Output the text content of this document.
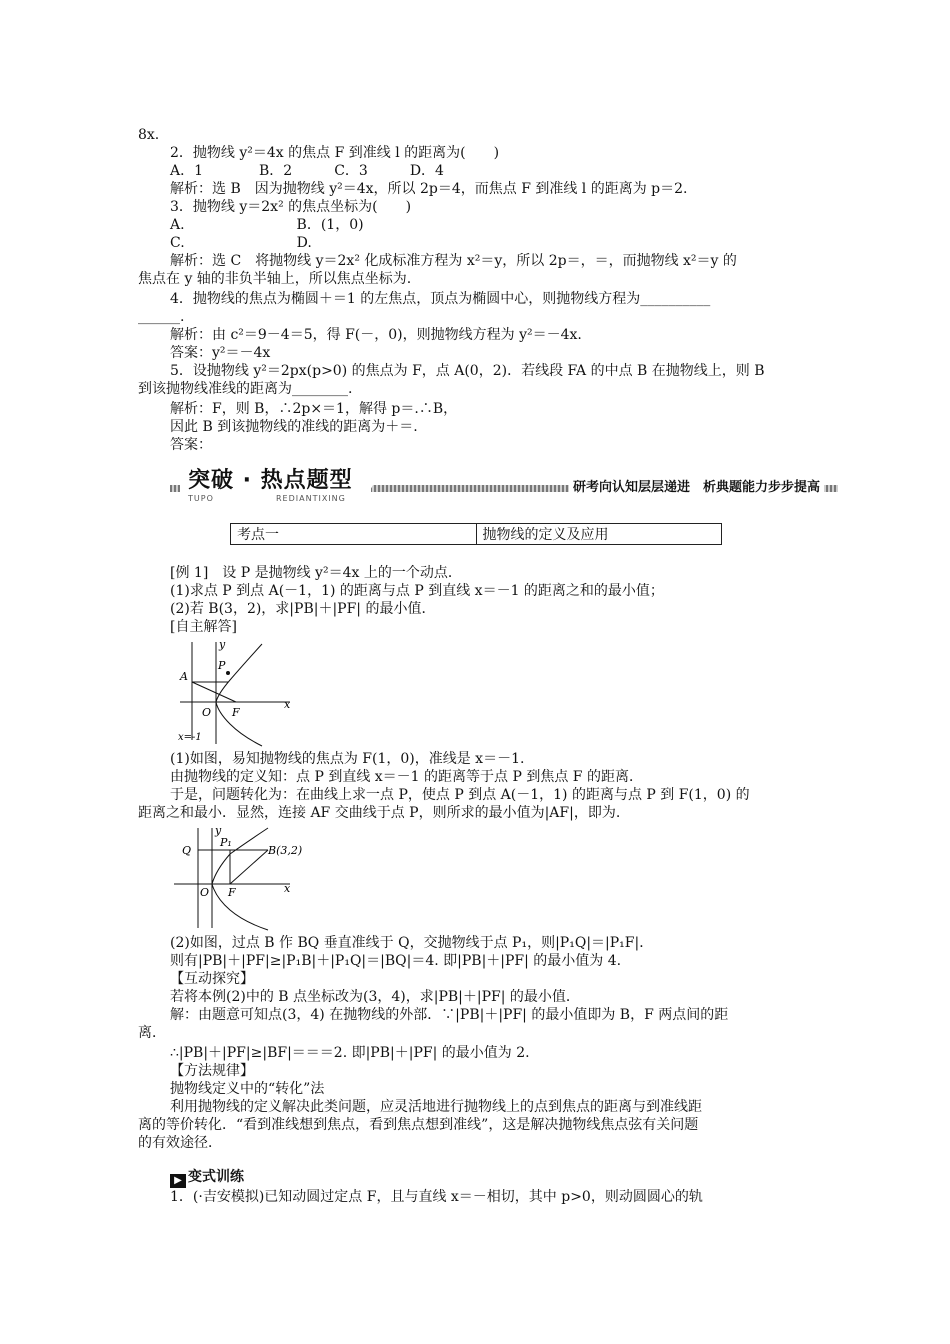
8x.
2．抛物线 y²＝4x 的焦点 F 到准线 l 的距离为(　　)
A．1　　　　B．2　　　C．3　　　D．4
解析：选 B　因为抛物线 y²＝4x，所以 2p＝4，而焦点 F 到准线 l 的距离为 p＝2.
3．抛物线 y＝2x² 的焦点坐标为(　　)
A.　　　　　　　　B．(1，0)
C.　　　　　　　　D.
解析：选 C　将抛物线 y＝2x² 化成标准方程为 x²＝y，所以 2p＝，＝，而抛物线 x²＝y 的
焦点在 y 轴的非负半轴上，所以焦点坐标为.
4．抛物线的焦点为椭圆＋＝1 的左焦点，顶点为椭圆中心，则抛物线方程为__________
______.
解析：由 c²＝9－4＝5，得 F(－，0)，则抛物线方程为 y²＝－4x.
答案：y²＝－4x
5．设抛物线 y²＝2px(p>0) 的焦点为 F，点 A(0，2)．若线段 FA 的中点 B 在抛物线上，则 B
到该抛物线准线的距离为________.
解析：F，则 B，∴2p×＝1，解得 p＝.∴B，
因此 B 到该抛物线的准线的距离为＋＝.
答案：
突破 · 热点题型
TUPO	REDIANTIXING
研考向认知层层递进　析典题能力步步提高
考点一	抛物线的定义及应用
[例 1]　设 P 是抛物线 y²＝4x 上的一个动点．
(1)求点 P 到点 A(－1，1) 的距离与点 P 到直线 x＝－1 的距离之和的最小值；
(2)若 B(3，2)，求|PB|＋|PF| 的最小值．
[自主解答]
y
P
A
O F
x
x=-1
(1)如图，易知抛物线的焦点为 F(1，0)，准线是 x＝－1.
由抛物线的定义知：点 P 到直线 x＝－1 的距离等于点 P 到焦点 F 的距离．
于是，问题转化为：在曲线上求一点 P，使点 P 到点 A(－1，1) 的距离与点 P 到 F(1，0) 的
距离之和最小．显然，连接 AF 交曲线于点 P，则所求的最小值为|AF|，即为.
y
P₁
Q	B(3,2)
O F	x
(2)如图，过点 B 作 BQ 垂直准线于 Q，交抛物线于点 P₁，则|P₁Q|＝|P₁F|．
则有|PB|＋|PF|≥|P₁B|＋|P₁Q|＝|BQ|＝4. 即|PB|＋|PF| 的最小值为 4.
【互动探究】
若将本例(2)中的 B 点坐标改为(3，4)，求|PB|＋|PF| 的最小值．
解：由题意可知点(3，4) 在抛物线的外部．∵|PB|＋|PF| 的最小值即为 B，F 两点间的距
离．
∴|PB|＋|PF|≥|BF|＝＝＝2. 即|PB|＋|PF| 的最小值为 2.
【方法规律】
抛物线定义中的“转化”法
利用抛物线的定义解决此类问题，应灵活地进行抛物线上的点到焦点的距离与到准线距
离的等价转化．“看到准线想到焦点，看到焦点想到准线”，这是解决抛物线焦点弦有关问题
的有效途径．
▶ 变式训练
1．(·吉安模拟)已知动圆过定点 F，且与直线 x＝－相切，其中 p>0，则动圆圆心的轨
